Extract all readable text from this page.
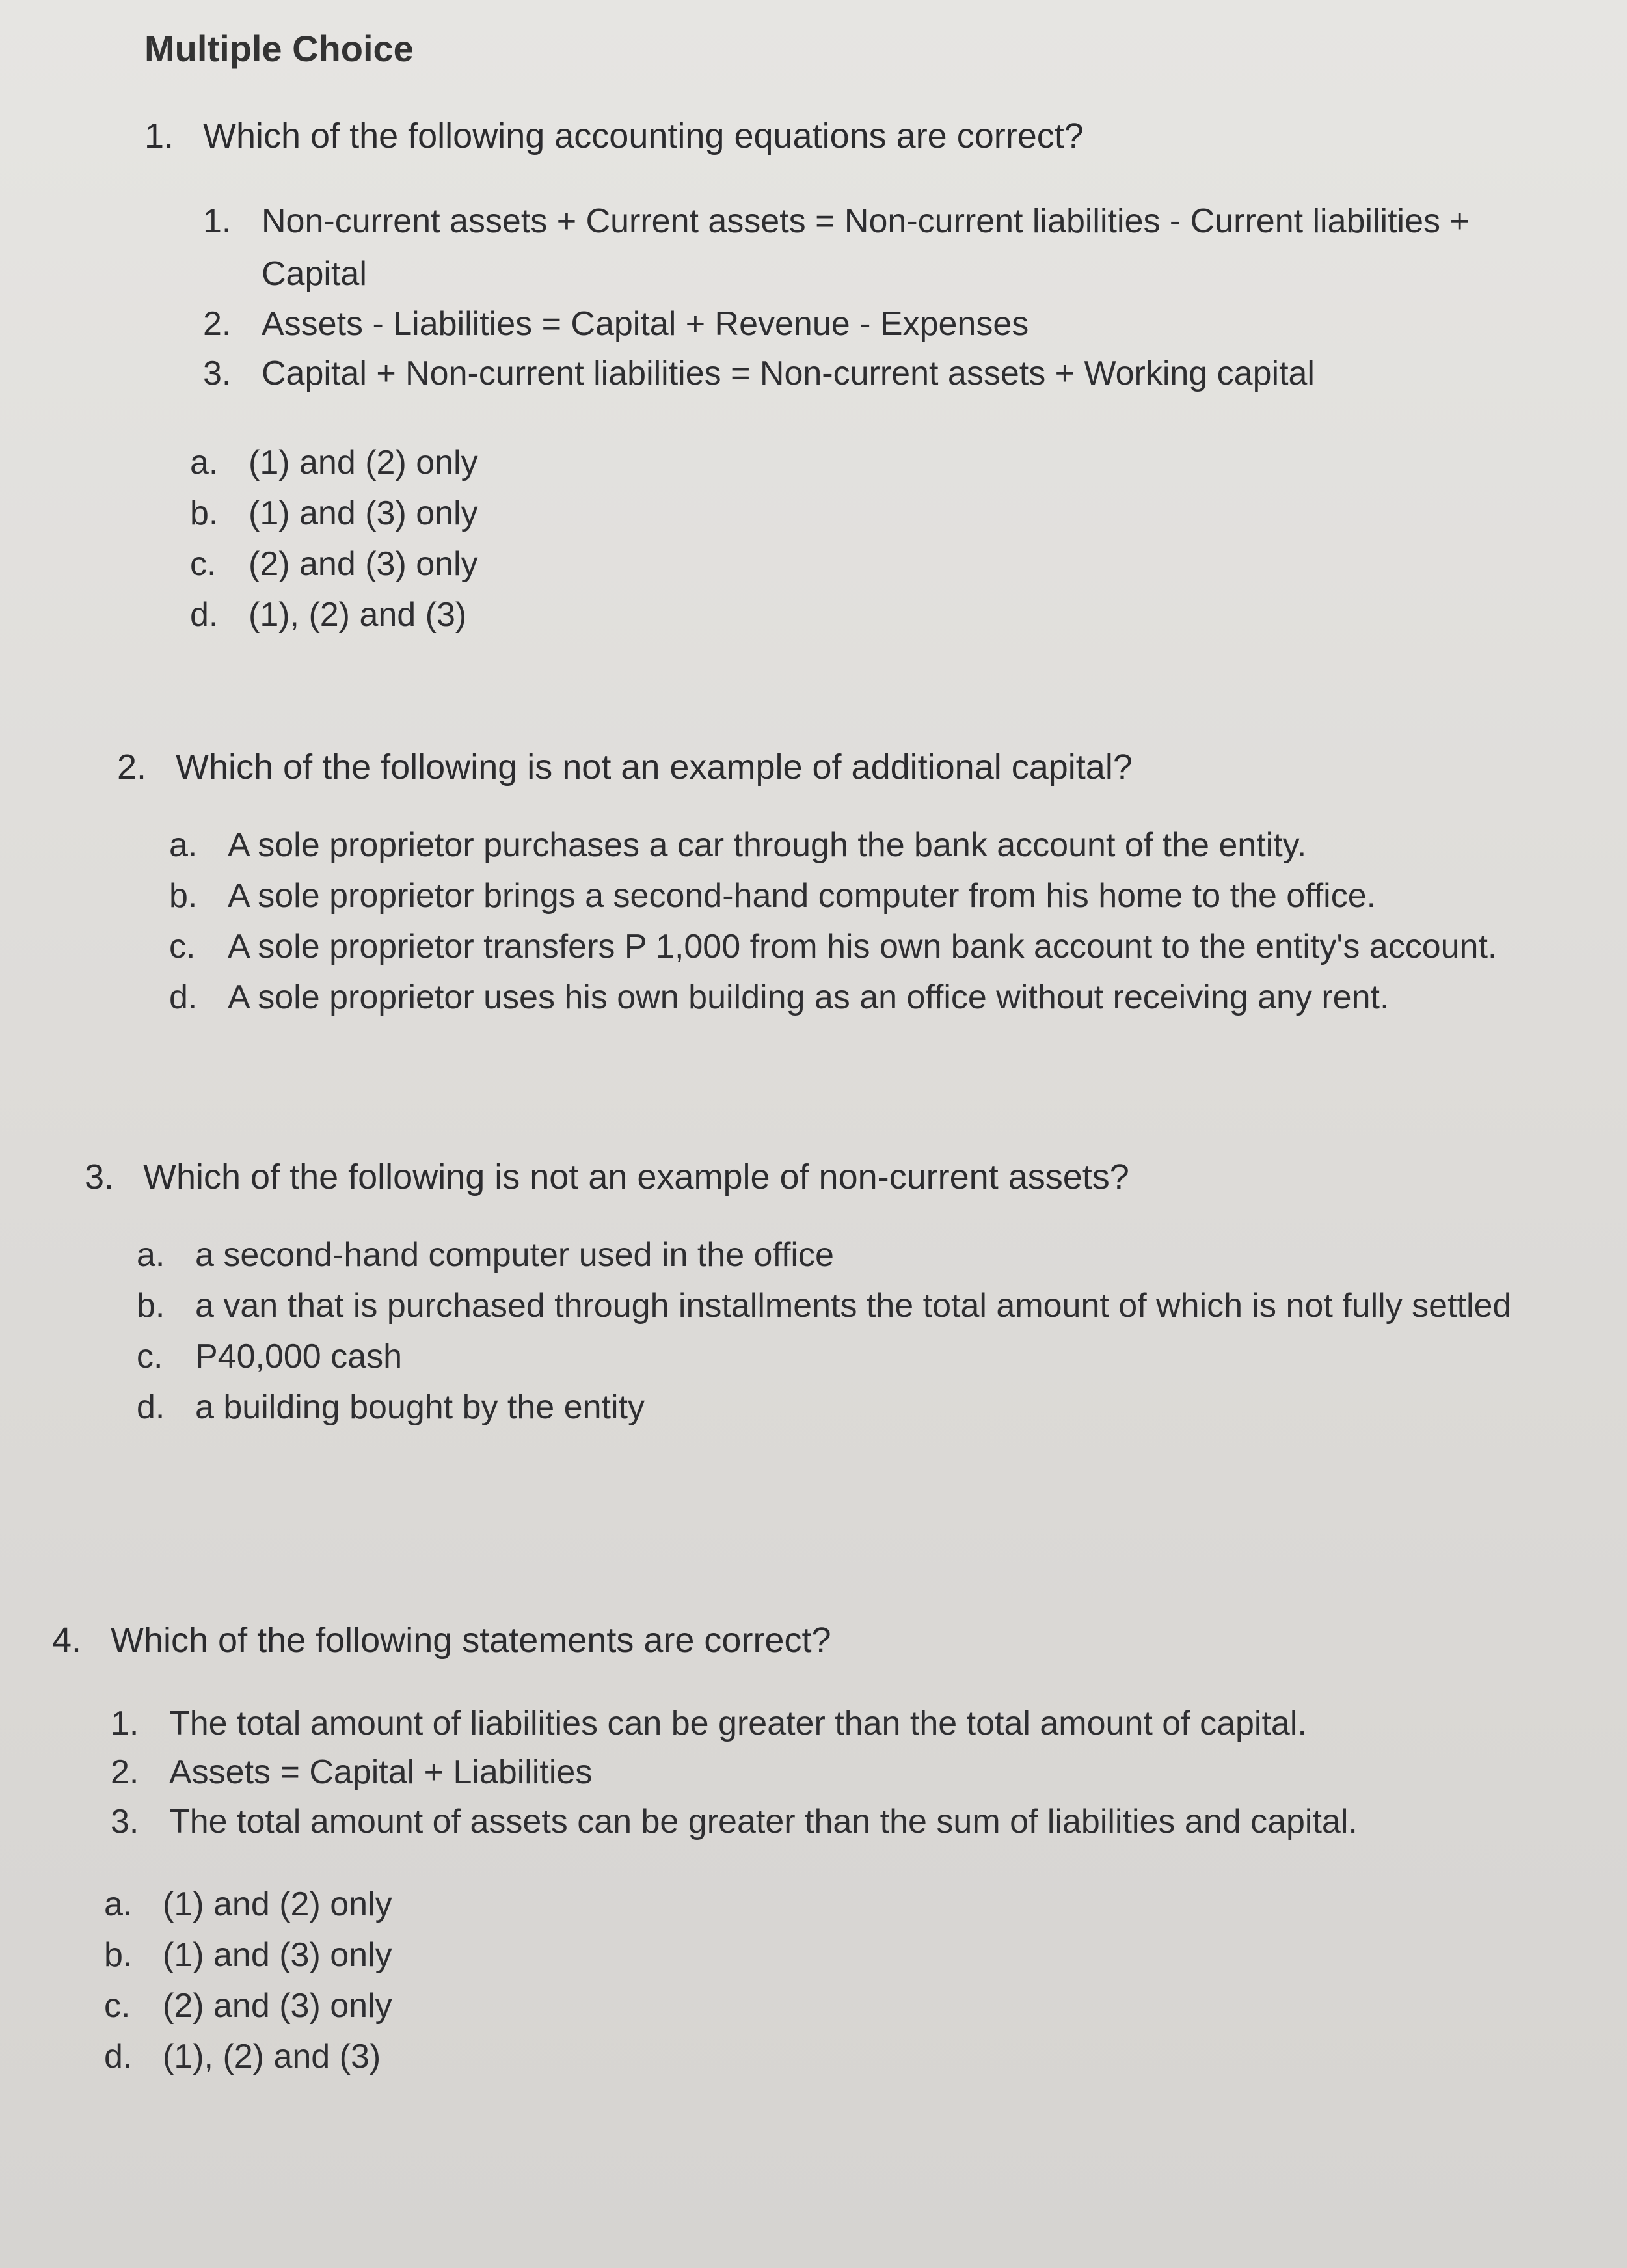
Multiple Choice
1. Which of the following accounting equations are correct?
1. Non-current assets + Current assets = Non-current liabilities - Current liabilities + Capital
2. Assets - Liabilities = Capital + Revenue - Expenses
3. Capital + Non-current liabilities = Non-current assets + Working capital
a. (1) and (2) only
b. (1) and (3) only
c. (2) and (3) only
d. (1), (2) and (3)
2. Which of the following is not an example of additional capital?
a. A sole proprietor purchases a car through the bank account of the entity.
b. A sole proprietor brings a second-hand computer from his home to the office.
c. A sole proprietor transfers P 1,000 from his own bank account to the entity's account.
d. A sole proprietor uses his own building as an office without receiving any rent.
3. Which of the following is not an example of non-current assets?
a. a second-hand computer used in the office
b. a van that is purchased through installments the total amount of which is not fully settled
c. P40,000 cash
d. a building bought by the entity
4. Which of the following statements are correct?
1. The total amount of liabilities can be greater than the total amount of capital.
2. Assets = Capital + Liabilities
3. The total amount of assets can be greater than the sum of liabilities and capital.
a. (1) and (2) only
b. (1) and (3) only
c. (2) and (3) only
d. (1), (2) and (3)
